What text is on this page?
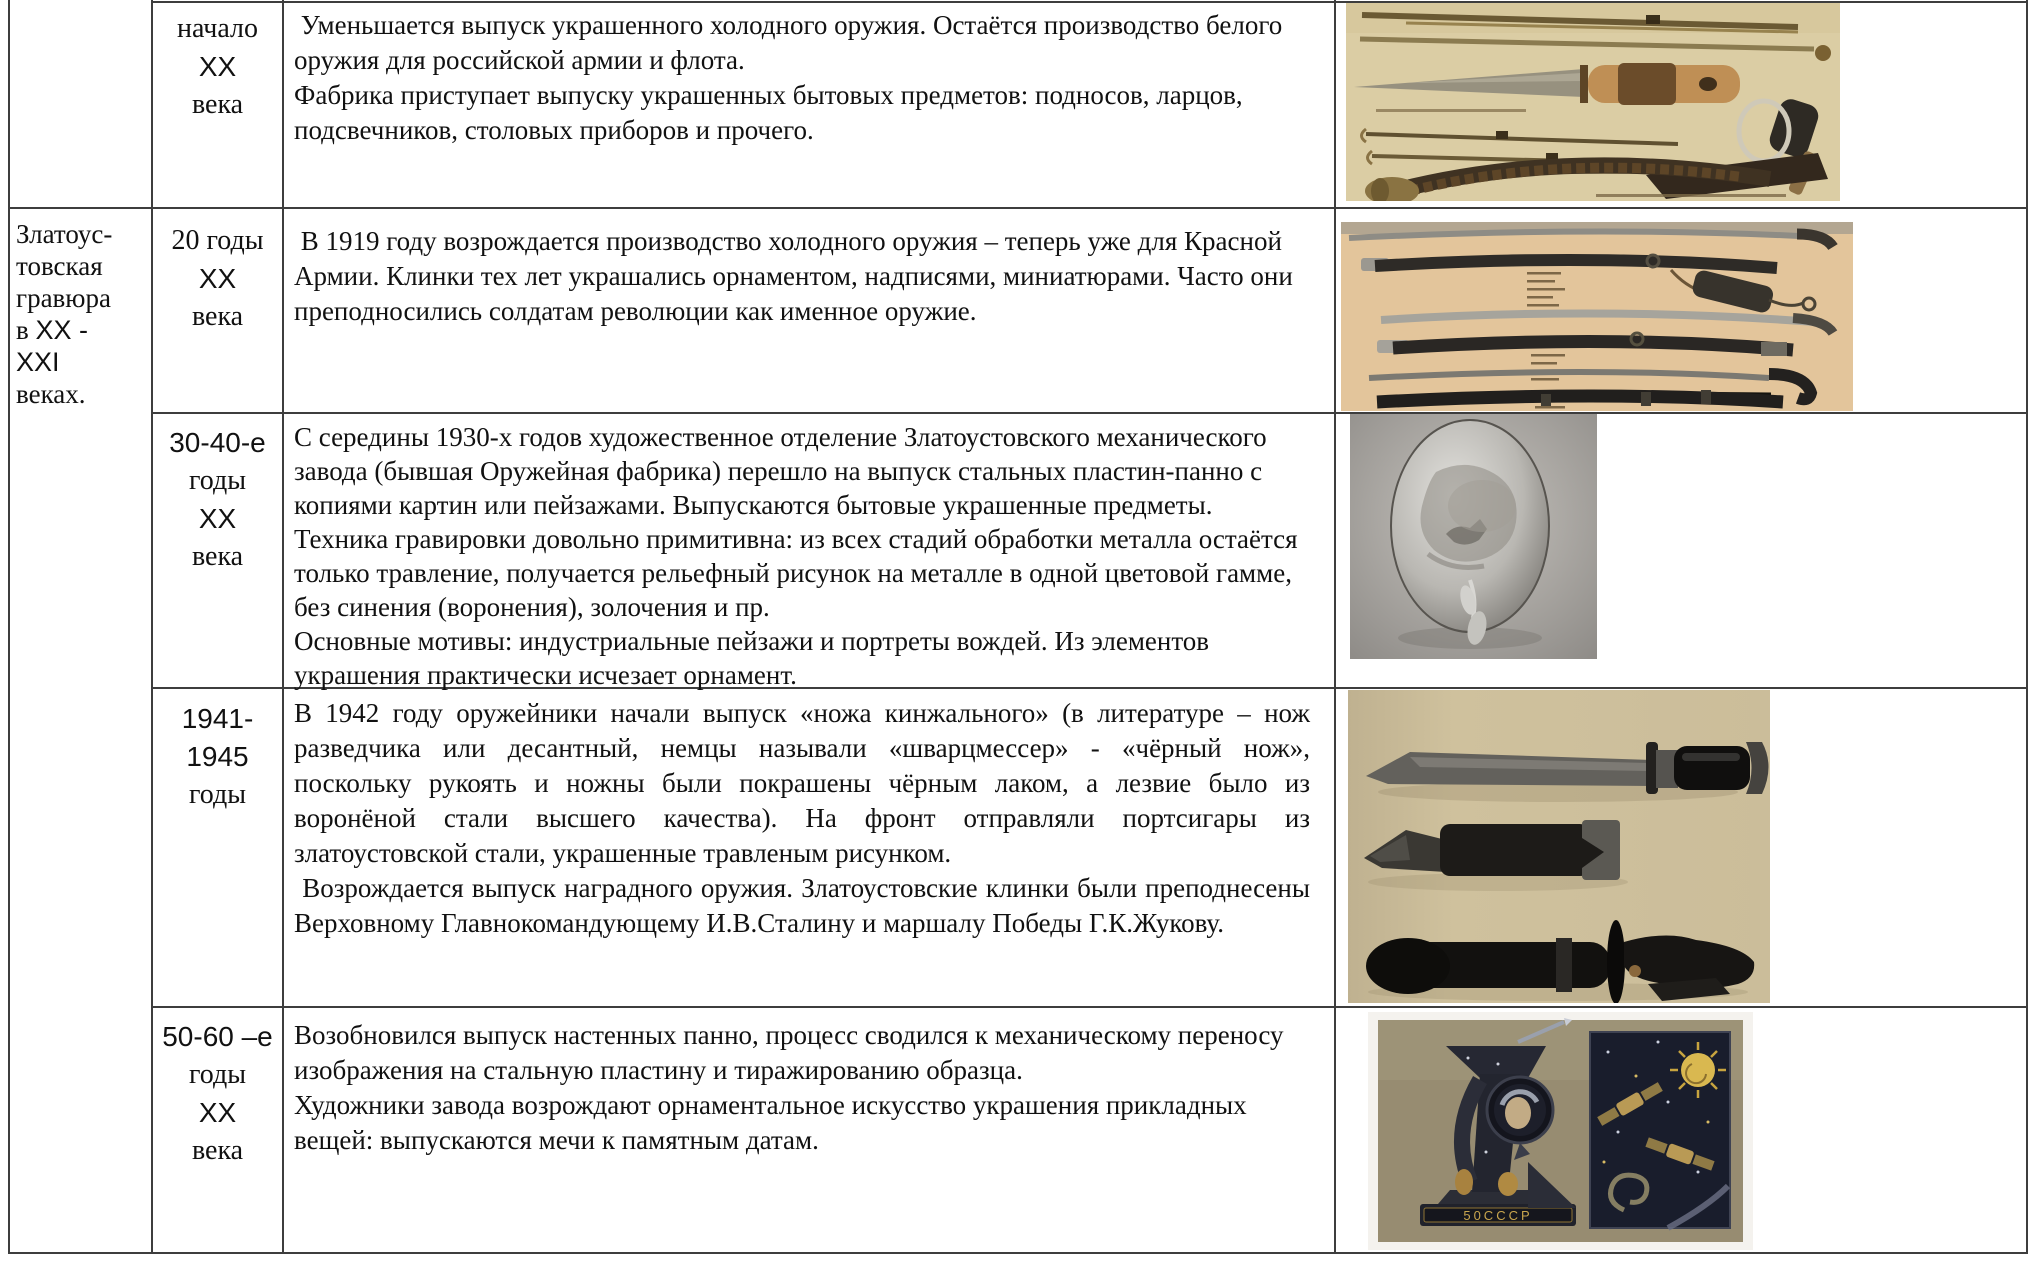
Златоус-
товская
гравюра
в XX -
XXI
веках.
начало
XX
века
20 годы
XX
века
30-40-е
годы
XX
века
1941-
1945
годы
50-60 –е
годы
XX
века

Уменьшается выпуск украшенного холодного оружия. Остаётся производство белого оружия для российской армии и флота.

Фабрика приступает выпуску украшенных бытовых предметов: подносов, ларцов, подсвечников, столовых приборов и прочего.

В 1919 году возрождается производство холодного оружия – теперь уже для Красной Армии. Клинки тех лет украшались орнаментом, надписями, миниатюрами. Часто они преподносились солдатам революции как именное оружие.

С середины 1930-х годов художественное отделение Златоустовского механического завода (бывшая Оружейная фабрика) перешло на выпуск стальных пластин-панно с копиями картин или пейзажами. Выпускаются бытовые украшенные предметы. Техника гравировки довольно примитивна: из всех стадий обработки металла остаётся только травление, получается рельефный рисунок на металле в одной цветовой гамме, без синения (воронения), золочения и пр.

Основные мотивы: индустриальные пейзажи и портреты вождей. Из элементов украшения практически исчезает орнамент.

В 1942 году оружейники начали выпуск «ножа кинжального» (в литературе – нож разведчика или десантный, немцы называли «шварцмессер» - «чёрный нож», поскольку рукоять и ножны были покрашены чёрным лаком, а лезвие было из воронёной стали высшего качества). На фронт отправляли портсигары из златоустовской стали, украшенные травленым рисунком.

Возрождается выпуск наградного оружия. Златоустовские клинки были преподнесены Верховному Главнокомандующему И.В.Сталину и маршалу Победы Г.К.Жукову.

Возобновился выпуск настенных панно, процесс сводился к механическому переносу изображения на стальную пластину и тиражированию образца.

Художники завода возрождают орнаментальное искусство украшения прикладных вещей: выпускаются мечи к памятным датам.

50СССР
